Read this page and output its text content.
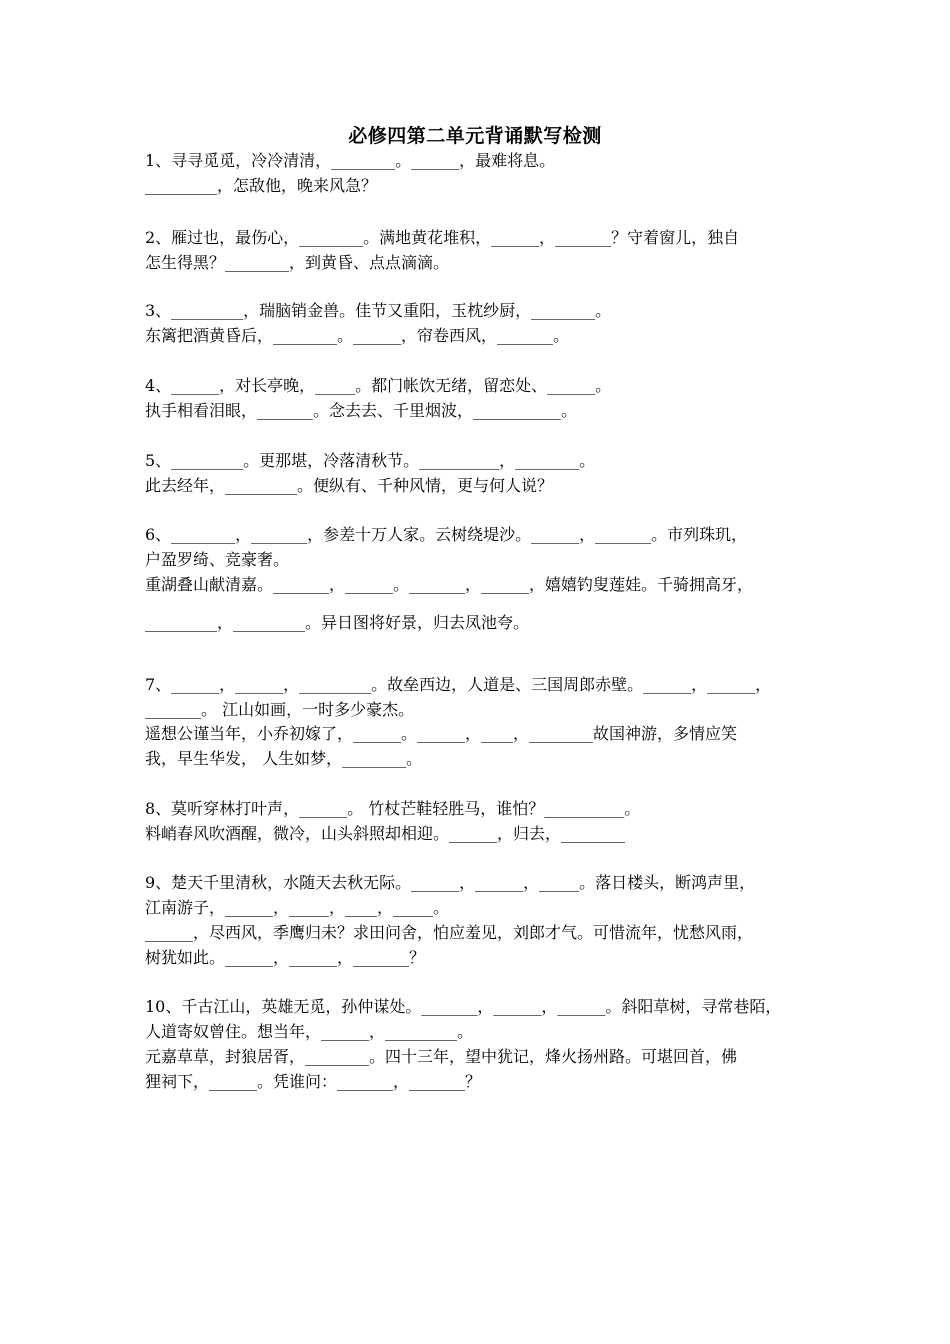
必修四第二单元背诵默写检测
1、寻寻觅觅，冷冷清清，________。______，最难将息。
_________，怎敌他，晚来风急？
2、雁过也，最伤心，________。满地黄花堆积，______，_______？守着窗儿，独自
怎生得黑？________，到黄昏、点点滴滴。
3、_________，瑞脑销金兽。佳节又重阳，玉枕纱厨，________。
东篱把酒黄昏后，________。______，帘卷西风，_______。
4、______，对长亭晚，_____。都门帐饮无绪，留恋处、______。
执手相看泪眼，_______。念去去、千里烟波，___________。
5、_________。更那堪，冷落清秋节。__________，________。
此去经年，_________。便纵有、千种风情，更与何人说？
6、________，_______，参差十万人家。云树绕堤沙。______，_______。市列珠玑，
户盈罗绮、竞豪奢。
重湖叠山献清嘉。_______，______。_______，______，嬉嬉钓叟莲娃。千骑拥高牙，
_________，_________。异日图将好景，归去凤池夸。
7、______，______，_________。故垒西边，人道是、三国周郎赤壁。______，______，
_______。 江山如画，一时多少豪杰。
遥想公谨当年，小乔初嫁了，______。______，____，________故国神游，多情应笑
我，早生华发， 人生如梦，________。
8、莫听穿林打叶声，______。 竹杖芒鞋轻胜马，谁怕？__________。
料峭春风吹酒醒，微冷，山头斜照却相迎。______，归去，________
9、楚天千里清秋，水随天去秋无际。______，______，_____。落日楼头，断鸿声里，
江南游子，______，_____，____，_____。
______，尽西风，季鹰归未？求田问舍，怕应羞见，刘郎才气。可惜流年，忧愁风雨，
树犹如此。______，______，_______？
10、千古江山，英雄无觅，孙仲谋处。_______，______，______。斜阳草树，寻常巷陌，
人道寄奴曾住。想当年，______，_________。
元嘉草草，封狼居胥，________。四十三年，望中犹记，烽火扬州路。可堪回首，佛
狸祠下，______。凭谁问：_______，_______？
